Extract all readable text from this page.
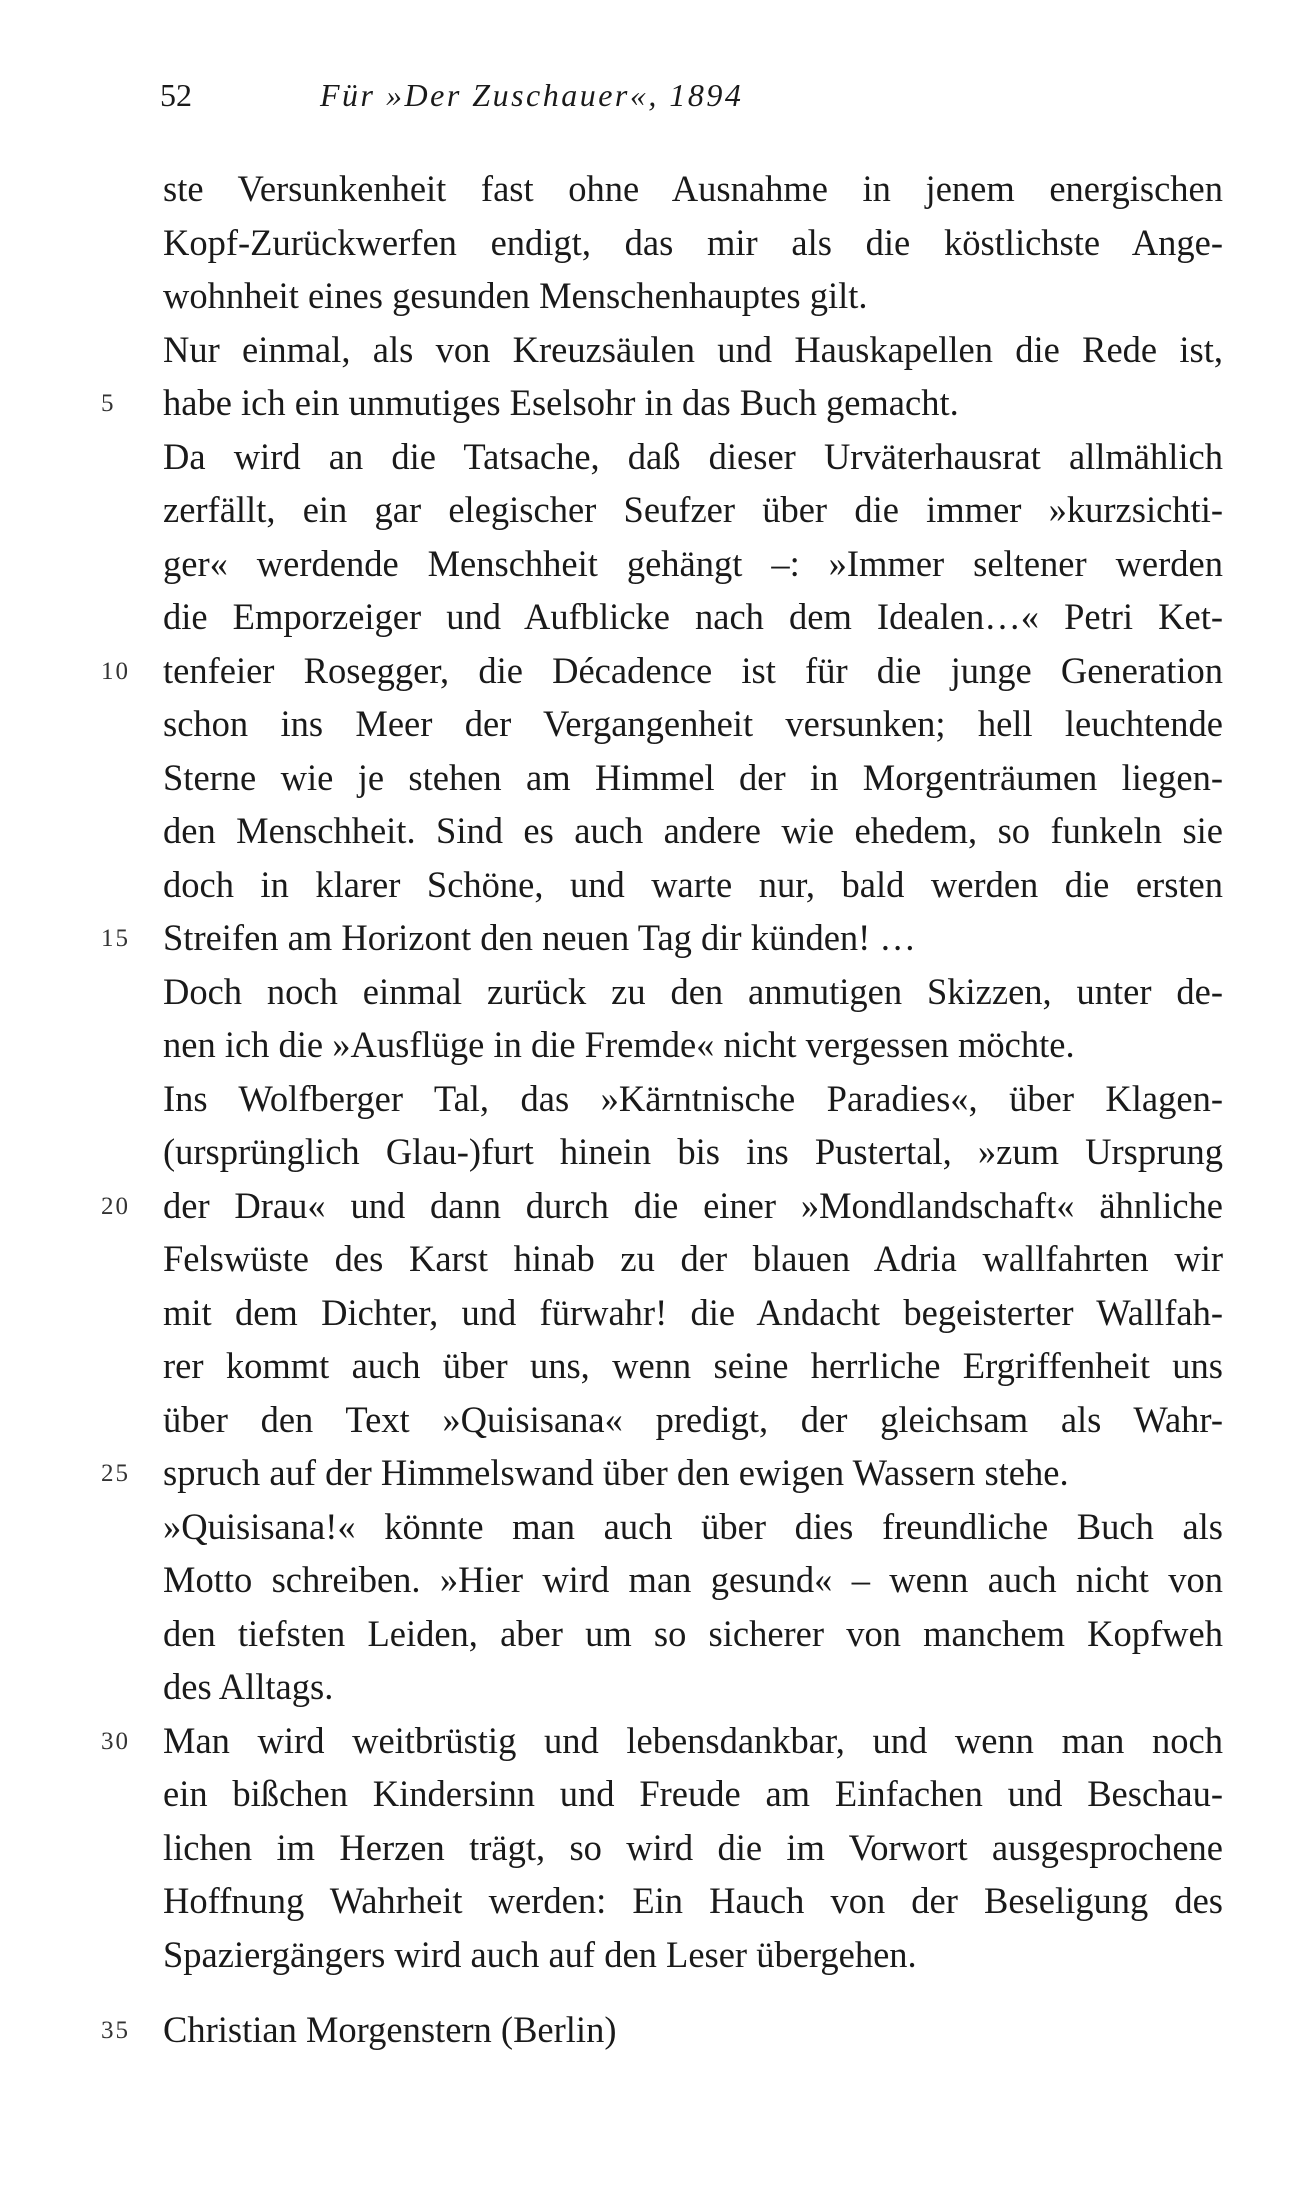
52	Für »Der Zuschauer«, 1894
ste Versunkenheit fast ohne Ausnahme in jenem energischen
Kopf-Zurückwerfen endigt, das mir als die köstlichste Ange-
wohnheit eines gesunden Menschenhauptes gilt.
Nur einmal, als von Kreuzsäulen und Hauskapellen die Rede ist,
5 habe ich ein unmutiges Eselsohr in das Buch gemacht.
Da wird an die Tatsache, daß dieser Urväterhausrat allmählich
zerfällt, ein gar elegischer Seufzer über die immer »kurzsichti-
ger« werdende Menschheit gehängt –: »Immer seltener werden
die Emporzeiger und Aufblicke nach dem Idealen…« Petri Ket-
10 tenfeier Rosegger, die Décadence ist für die junge Generation
schon ins Meer der Vergangenheit versunken; hell leuchtende
Sterne wie je stehen am Himmel der in Morgenträumen liegen-
den Menschheit. Sind es auch andere wie ehedem, so funkeln sie
doch in klarer Schöne, und warte nur, bald werden die ersten
15 Streifen am Horizont den neuen Tag dir künden! …
Doch noch einmal zurück zu den anmutigen Skizzen, unter de-
nen ich die »Ausflüge in die Fremde« nicht vergessen möchte.
Ins Wolfberger Tal, das »Kärntnische Paradies«, über Klagen-
(ursprünglich Glau-)furt hinein bis ins Pustertal, »zum Ursprung
20 der Drau« und dann durch die einer »Mondlandschaft« ähnliche
Felswüste des Karst hinab zu der blauen Adria wallfahrten wir
mit dem Dichter, und fürwahr! die Andacht begeisterter Wallfah-
rer kommt auch über uns, wenn seine herrliche Ergriffenheit uns
über den Text »Quisisana« predigt, der gleichsam als Wahr-
25 spruch auf der Himmelswand über den ewigen Wassern stehe.
»Quisisana!« könnte man auch über dies freundliche Buch als
Motto schreiben. »Hier wird man gesund« – wenn auch nicht von
den tiefsten Leiden, aber um so sicherer von manchem Kopfweh
des Alltags.
30 Man wird weitbrüstig und lebensdankbar, und wenn man noch
ein bißchen Kindersinn und Freude am Einfachen und Beschau-
lichen im Herzen trägt, so wird die im Vorwort ausgesprochene
Hoffnung Wahrheit werden: Ein Hauch von der Beseligung des
Spaziergängers wird auch auf den Leser übergehen.
35 Christian Morgenstern (Berlin)
